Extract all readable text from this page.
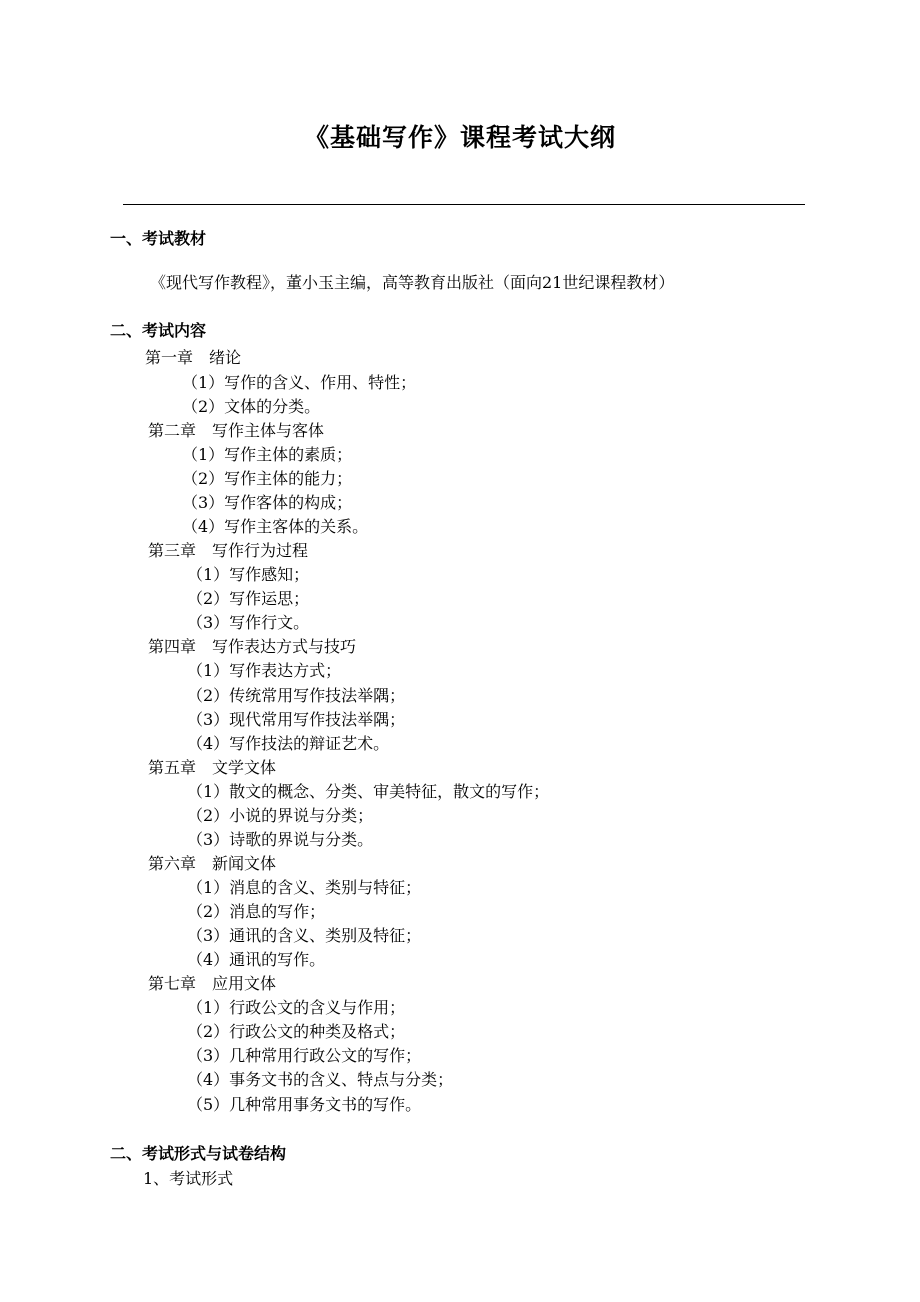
《基础写作》课程考试大纲
一、考试教材
《现代写作教程》，董小玉主编，高等教育出版社（面向21世纪课程教材）
二、考试内容
第一章　绪论
（1）写作的含义、作用、特性；
（2）文体的分类。
第二章　写作主体与客体
（1）写作主体的素质；
（2）写作主体的能力；
（3）写作客体的构成；
（4）写作主客体的关系。
第三章　写作行为过程
（1）写作感知；
（2）写作运思；
（3）写作行文。
第四章　写作表达方式与技巧
（1）写作表达方式；
（2）传统常用写作技法举隅；
（3）现代常用写作技法举隅；
（4）写作技法的辩证艺术。
第五章　文学文体
（1）散文的概念、分类、审美特征，散文的写作；
（2）小说的界说与分类；
（3）诗歌的界说与分类。
第六章　新闻文体
（1）消息的含义、类别与特征；
（2）消息的写作；
（3）通讯的含义、类别及特征；
（4）通讯的写作。
第七章　应用文体
（1）行政公文的含义与作用；
（2）行政公文的种类及格式；
（3）几种常用行政公文的写作；
（4）事务文书的含义、特点与分类；
（5）几种常用事务文书的写作。
二、考试形式与试卷结构
1、考试形式
